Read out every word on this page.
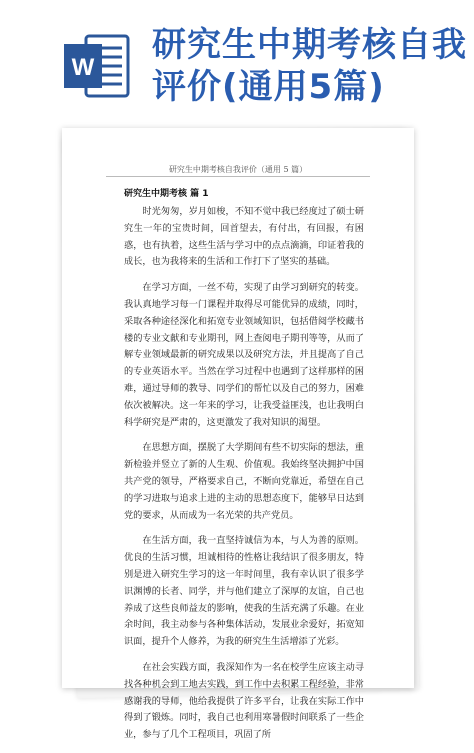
W
研究生中期考核自我评价(通用5篇)
研究生中期考核自我评价（通用 5 篇）
研究生中期考核 篇 1

时光匆匆，岁月如梭，不知不觉中我已经度过了硕士研究生一年的宝贵时间，回首望去，有付出，有回报，有困惑，也有执着，这些生活与学习中的点点滴滴，印证着我的成长，也为我将来的生活和工作打下了坚实的基础。

在学习方面，一丝不苟，实现了由学习到研究的转变。我认真地学习每一门课程并取得尽可能优异的成绩，同时，采取各种途径深化和拓宽专业领域知识，包括借阅学校藏书楼的专业文献和专业期刊，网上查阅电子期刊等等，从而了解专业领域最新的研究成果以及研究方法，并且提高了自己的专业英语水平。当然在学习过程中也遇到了这样那样的困难，通过导师的教导、同学们的帮忙以及自己的努力，困难依次被解决。这一年来的学习，让我受益匪浅，也让我明白科学研究是严肃的，这更激发了我对知识的渴望。

在思想方面，摆脱了大学期间有些不切实际的想法，重新检验并竖立了新的人生观、价值观。我始终坚决拥护中国共产党的领导，严格要求自己，不断向党靠近，希望在自己的学习进取与追求上进的主动的思想态度下，能够早日达到党的要求，从而成为一名光荣的共产党员。

在生活方面，我一直坚持诚信为本，与人为善的原则。优良的生活习惯，坦诚相待的性格让我结识了很多朋友，特别是进入研究生学习的这一年时间里，我有幸认识了很多学识渊博的长者、同学，并与他们建立了深厚的友谊，自己也养成了这些良师益友的影响，使我的生活充满了乐趣。在业余时间，我主动参与各种集体活动，发展业余爱好，拓宽知识面，提升个人修养，为我的研究生生活增添了光彩。

在社会实践方面，我深知作为一名在校学生应该主动寻找各种机会到工地去实践，到工作中去积累工程经验，非常感谢我的导师，他给我提供了许多平台，让我在实际工作中得到了锻炼。同时，我自己也利用寒暑假时间联系了一些企业，参与了几个工程项目，巩固了所
